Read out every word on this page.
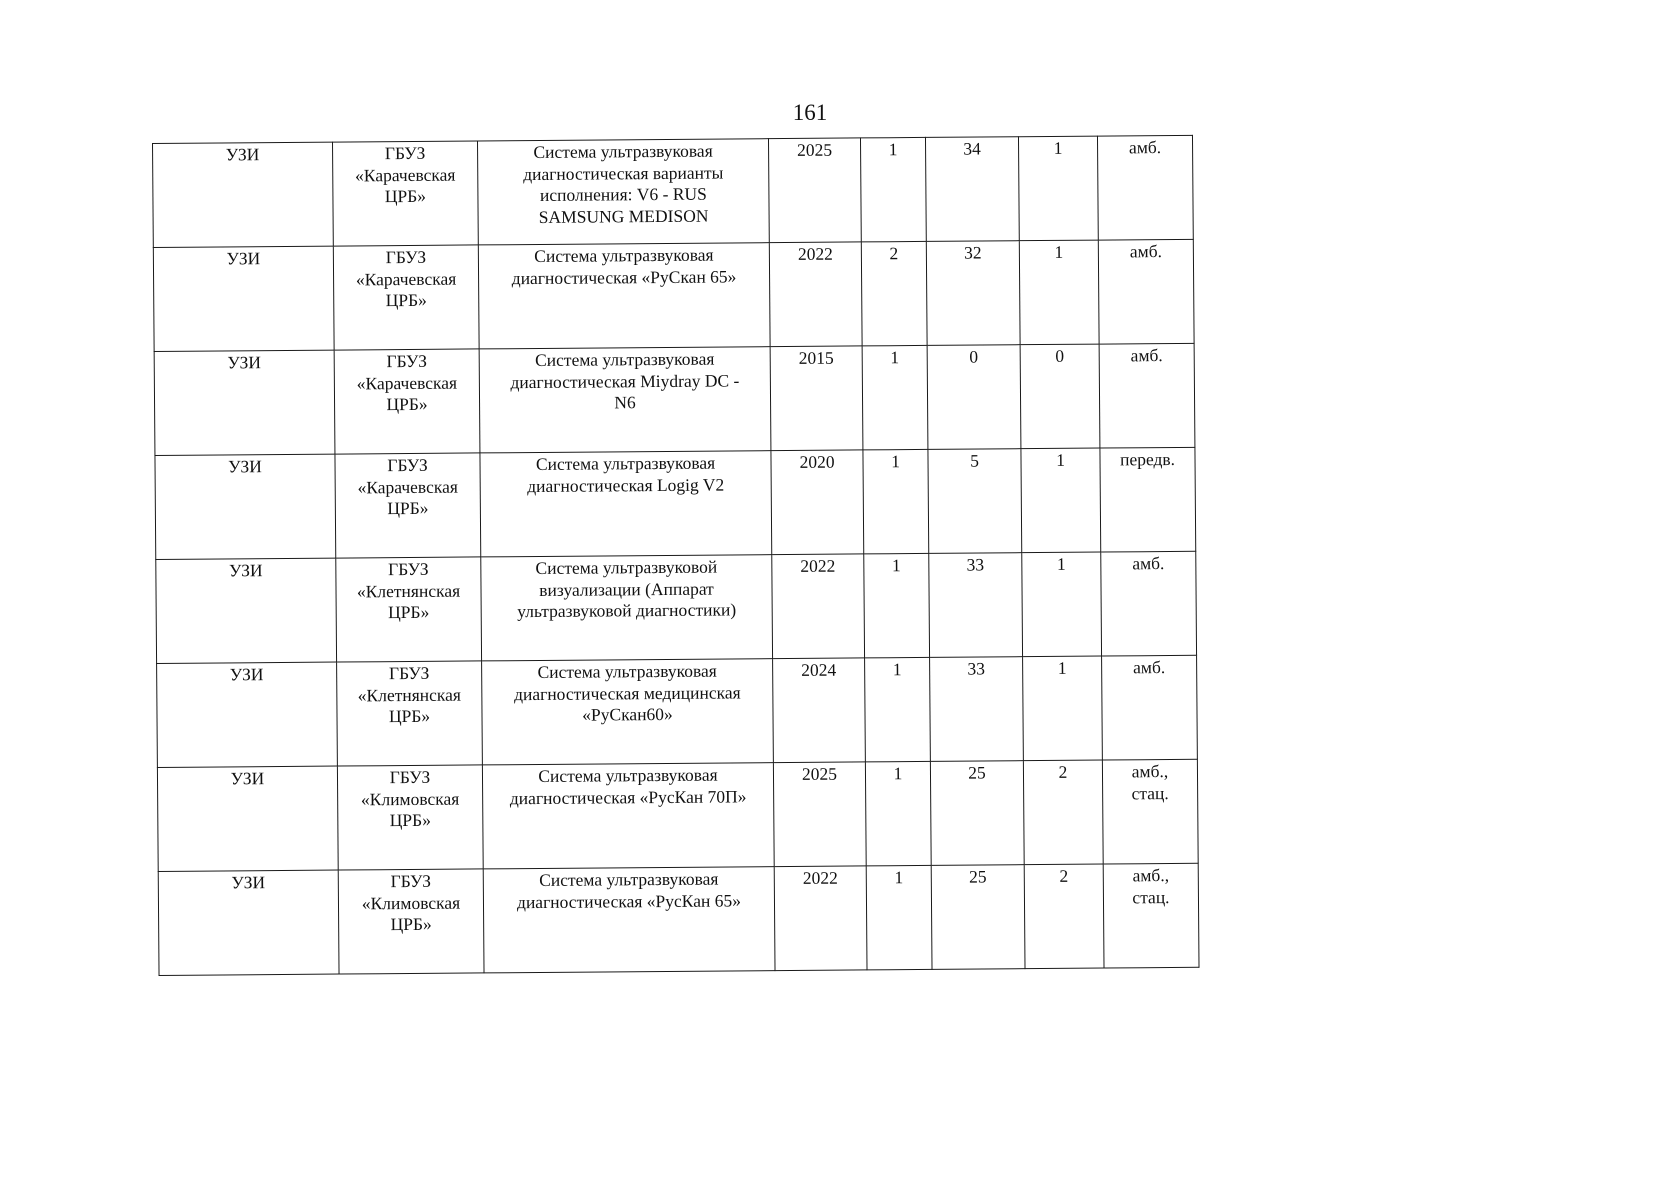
161
УЗИ	ГБУЗ
«Карачевская
ЦРБ»	Система ультразвуковая
диагностическая варианты
исполнения: V6 - RUS
SAMSUNG MEDISON	2025	1	34	1	амб.

УЗИ	ГБУЗ
«Карачевская
ЦРБ»	Система ультразвуковая
диагностическая «РуСкан 65»	2022	2	32	1	амб.

УЗИ	ГБУЗ
«Карачевская
ЦРБ»	Система ультразвуковая
диагностическая Miydray DC -
N6	2015	1	0	0	амб.

УЗИ	ГБУЗ
«Карачевская
ЦРБ»	Система ультразвуковая
диагностическая Logig V2	2020	1	5	1	передв.

УЗИ	ГБУЗ
«Клетнянская
ЦРБ»	Система ультразвуковой
визуализации (Аппарат
ультразвуковой диагностики)	2022	1	33	1	амб.

УЗИ	ГБУЗ
«Клетнянская
ЦРБ»	Система ультразвуковая
диагностическая медицинская
«РуСкан60»	2024	1	33	1	амб.

УЗИ	ГБУЗ
«Климовская
ЦРБ»	Система ультразвуковая
диагностическая «РусКан 70П»	2025	1	25	2	амб.,
стац.

УЗИ	ГБУЗ
«Климовская
ЦРБ»	Система ультразвуковая
диагностическая «РусКан 65»	2022	1	25	2	амб.,
стац.
